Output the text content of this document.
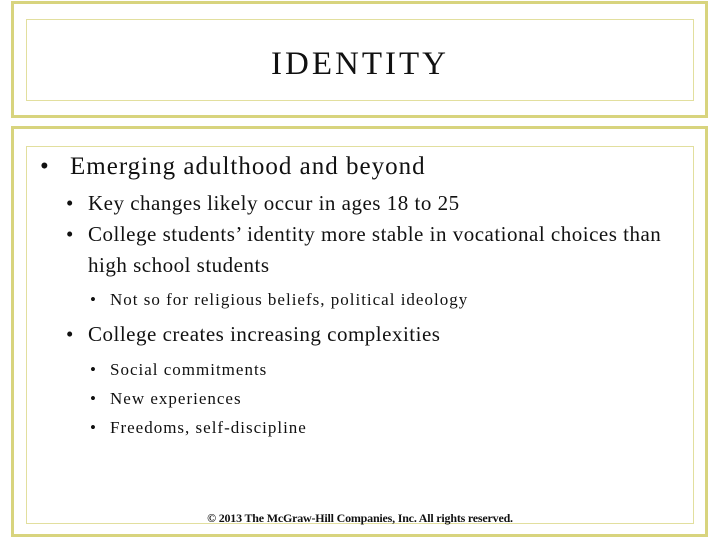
IDENTITY

• Emerging adulthood and beyond

• Key changes likely occur in ages 18 to 25

• College students’ identity more stable in vocational choices than high school students

• Not so for religious beliefs, political ideology

• College creates increasing complexities

• Social commitments

• New experiences

• Freedoms, self-discipline

© 2013 The McGraw-Hill Companies, Inc. All rights reserved.
